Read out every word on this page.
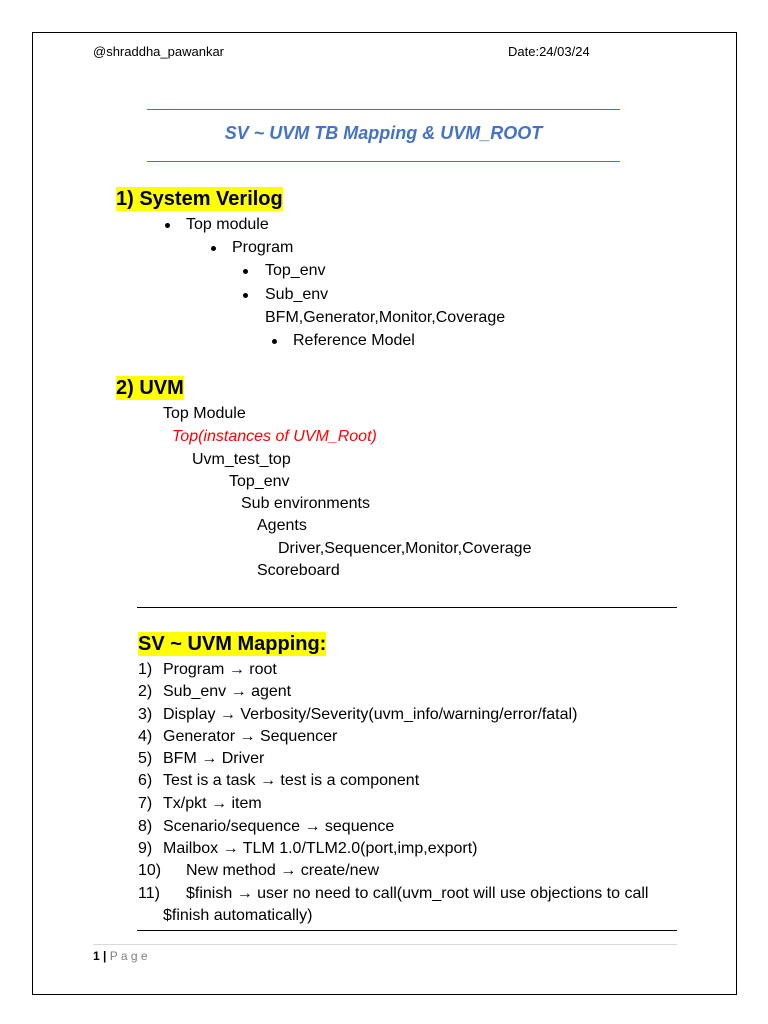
@shraddha_pawankar	Date:24/03/24
SV ~ UVM TB Mapping & UVM_ROOT
1) System Verilog
Top module
Program
Top_env
Sub_env
BFM,Generator,Monitor,Coverage
Reference Model
2) UVM
Top Module
Top(instances of UVM_Root)
Uvm_test_top
Top_env
Sub environments
Agents
Driver,Sequencer,Monitor,Coverage
Scoreboard
SV ~ UVM Mapping:
1) Program → root
2) Sub_env → agent
3) Display → Verbosity/Severity(uvm_info/warning/error/fatal)
4) Generator → Sequencer
5) BFM → Driver
6) Test is a task → test is a component
7) Tx/pkt → item
8) Scenario/sequence → sequence
9) Mailbox → TLM 1.0/TLM2.0(port,imp,export)
10) New method → create/new
11) $finish → user no need to call(uvm_root will use objections to call
$finish automatically)
1 | P a g e
